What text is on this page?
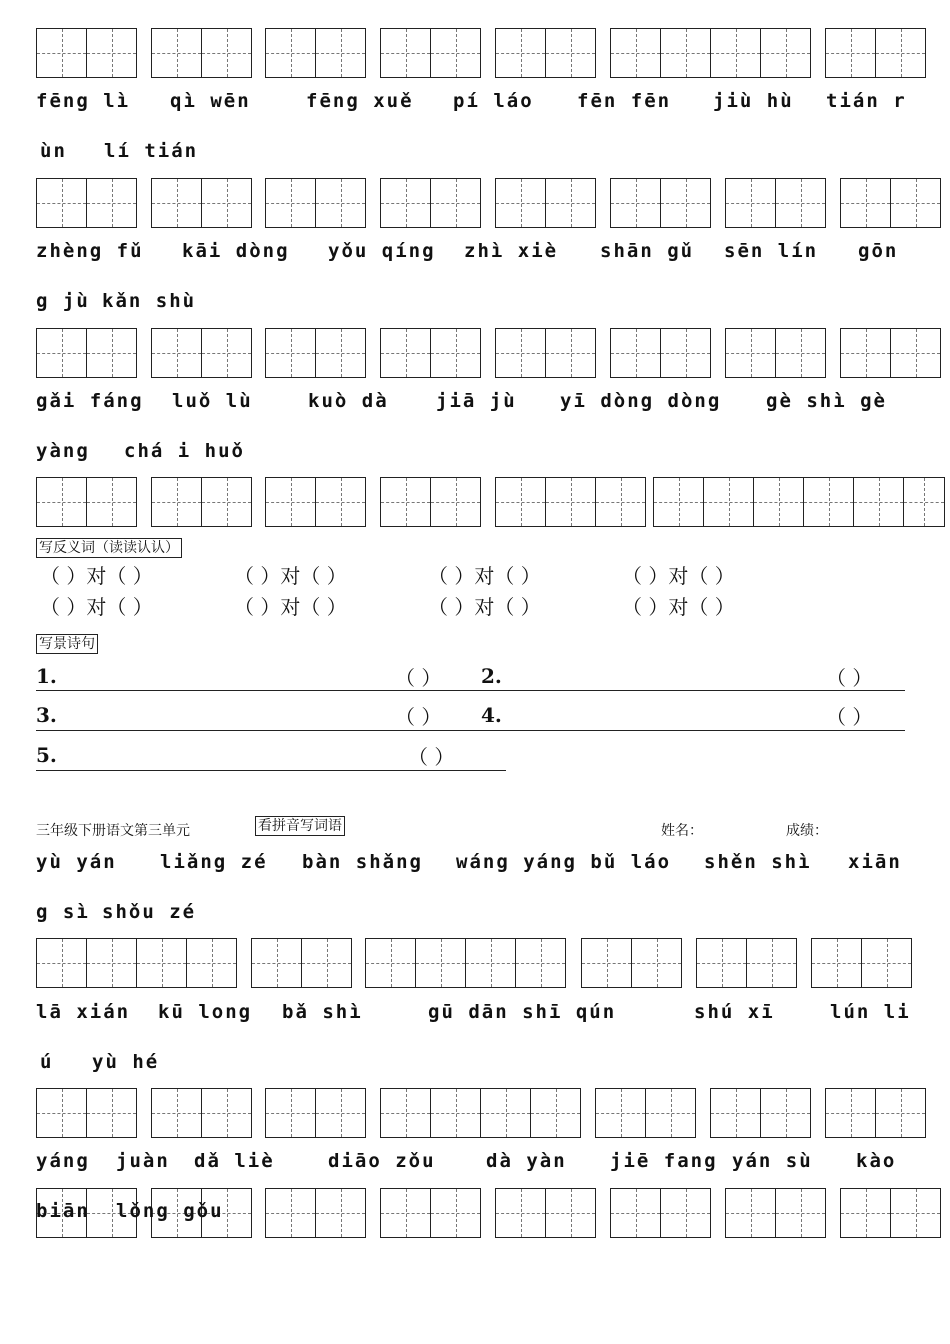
fēng lì qì wēn	fēng xuě pí láo fēn fēn jiù hù tián r
ùn lí tián
zhèng fǔ kāi dòng yǒu qíng zhì xiè shān gǔ sēn lín gōn
g jù kǎn shù
gǎi fáng luǒ lù	kuò dà jiā jù yī dòng dòng gè shì gè
yàng chá i huǒ
写反义词（读读认认）
（ ）对（ ）	（ ）对（ ）	（ ）对（ ）	（ ）对（ ）
（ ）对（ ）	（ ）对（ ）	（ ）对（ ）	（ ）对（ ）
写景诗句
1.	（ ） 2.	（ ）
3.	（ ） 4.	（ ）
5.	（ ）
三年级下册语文第三单元	看拼音写词语	姓名：	成绩：
yù yán liǎng zé bàn shǎng wáng yáng bǔ láo shěn shì xiān
g sì shǒu zé
lā xián kū long bǎ shì	gū dān shī qún	shú xī	lún li
ú yù hé
yáng juàn dǎ liè	diāo zǒu	dà yàn jiē fang yán sù kào
biān lǒng gǒu
